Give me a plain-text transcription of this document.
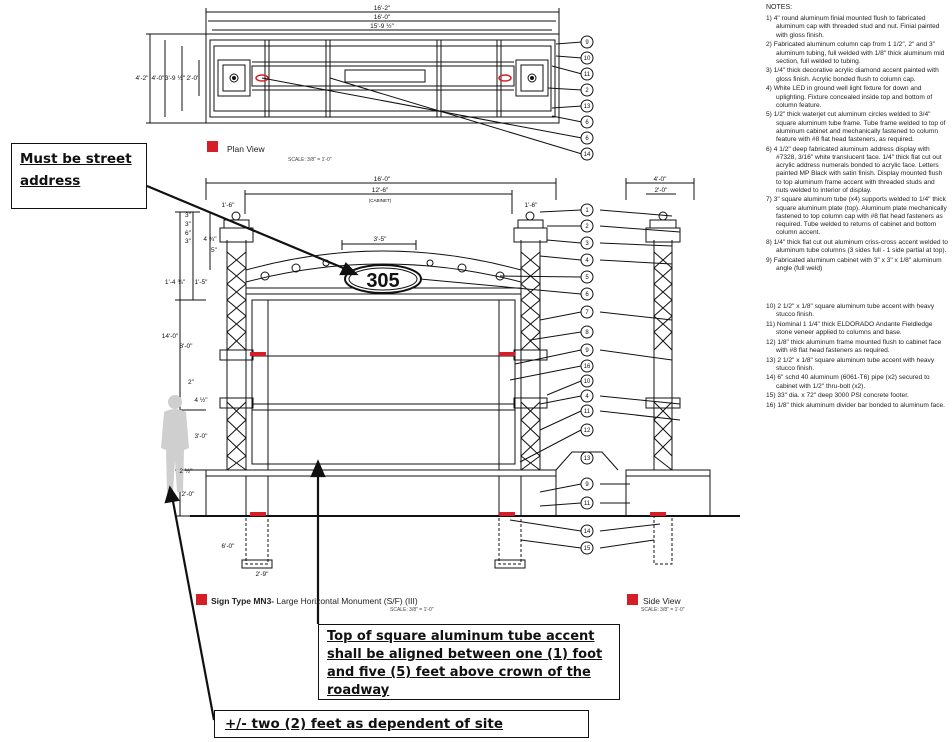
9
10
11
2
13
6
6
14
16'-2"
16'-0"
15'-9 ½"
4'-2" 4'-0" 3'-9 ½" 2'-0"
305
1
2
3
4
5
6
7
8
9
16
10
4
11
12
13
9
11
14
15
16'-0"
12'-6"
(CABINET)
1'-6"	1'-6"
3'-5"
3"
3"
6"
3" 4 ¾"
5"
14'-0"
1'-4 ¾" 1'-5"
8'-0"
2"
4 ½"
3'-0"
2 ½"
2'-0"
6'-0"
2'-9"
4'-0"
2'-0"
Plan View
SCALE: 3/8" = 1'-0"
Sign Type MN3- Large Horizontal Monument (S/F) (III)
SCALE: 3/8" = 1'-0"
Side View
SCALE: 3/8" = 1'-0"
NOTES:
1) 4" round aluminum finial mounted flush to fabricated aluminum cap with threaded stud and nut. Finial painted with gloss finish.
2) Fabricated aluminum column cap from 1 1/2", 2" and 3" aluminum tubing, full welded with 1/8" thick aluminum mid section, full welded to tubing.
3) 1/4" thick decorative acrylic diamond accent painted with gloss finish. Acrylic bonded flush to column cap.
4) White LED in ground well light fixture for down and uplighting. Fixture concealed inside top and bottom of column feature.
5) 1/2" thick waterjet cut aluminum circles welded to 3/4" square aluminum tube frame. Tube frame welded to top of aluminum cabinet and mechanically fastened to column feature with #8 flat head fasteners, as required.
6) 4 1/2" deep fabricated aluminum address display with #7328, 3/16" white translucent face. 1/4" thick flat cut out acrylic address numerals bonded to acrylic face. Letters painted MP Black with satin finish. Display mounted flush to top aluminum frame accent with threaded studs and nuts welded to interior of display.
7) 3" square aluminum tube (x4) supports welded to 1/4" thick square aluminum plate (top). Aluminum plate mechanically fastened to top column cap with #8 flat head fasteners as required. Tube welded to returns of cabinet and bottom column accent.
8) 1/4" thick flat cut out aluminum criss-cross accent welded to aluminum tube columns (3 sides full - 1 side partial at top).
9) Fabricated aluminum cabinet with 3" x 3" x 1/8" aluminum angle (full weld)
10) 2 1/2" x 1/8" square aluminum tube accent with heavy stucco finish.
11) Nominal 1 1/4" thick ELDORADO Andante Fieldledge stone veneer applied to columns and base.
12) 1/8" thick aluminum frame mounted flush to cabinet face with #8 flat head fasteners as required.
13) 2 1/2" x 1/8" square aluminum tube accent with heavy stucco finish.
14) 6" schd 40 aluminum (6061-T6) pipe (x2) secured to cabinet with 1/2" thru-bolt (x2).
15) 33" dia. x 72" deep 3000 PSI concrete footer.
16) 1/8" thick aluminum divider bar bonded to aluminum face.
Must be street
address
Top of square aluminum tube accent
shall be aligned between one (1) foot
and five (5) feet above crown of the
roadway
+/- two (2) feet as dependent of site
